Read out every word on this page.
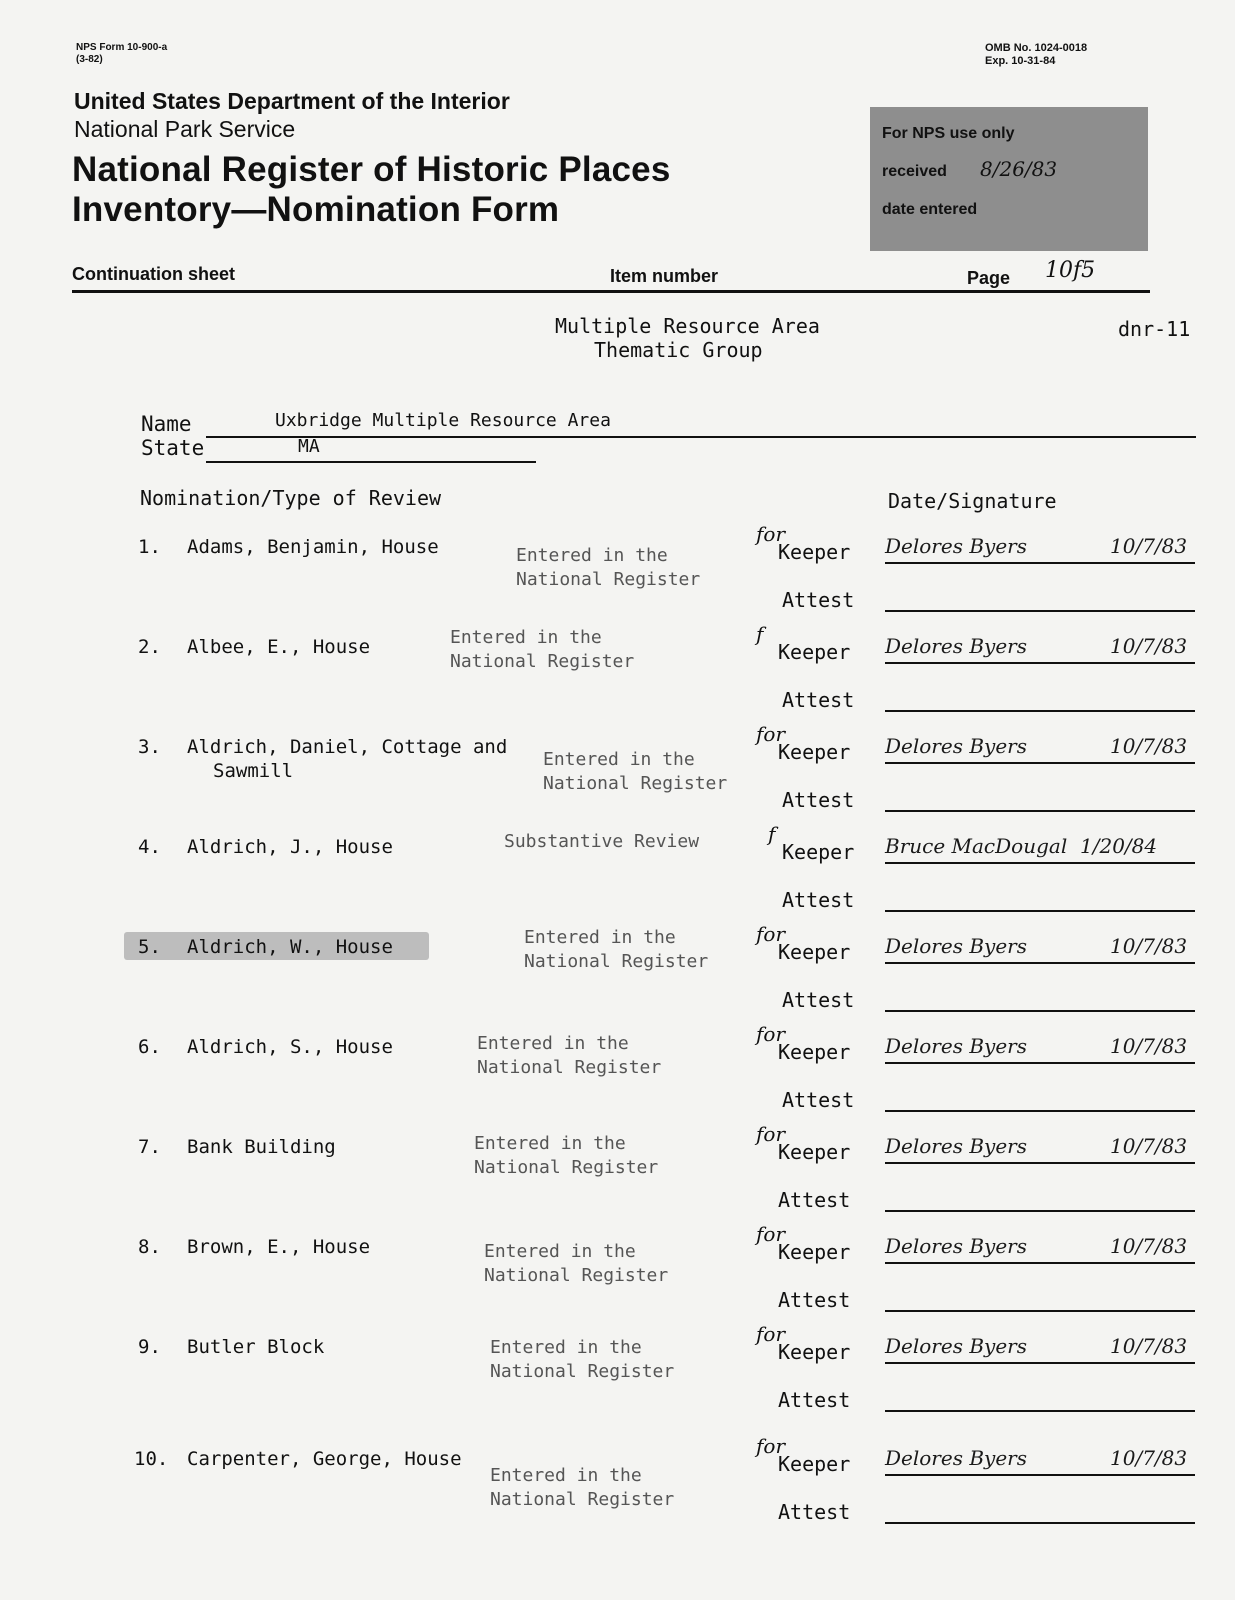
NPS Form 10-900-a
(3-82)
OMB No. 1024-0018
Exp. 10-31-84
United States Department of the Interior
National Park Service
National Register of Historic Places
Inventory—Nomination Form
For NPS use only
received 8/26/83
date entered
Continuation sheet	Item number	Page 10f5
Multiple Resource Area
Thematic Group
dnr-11
Name	Uxbridge Multiple Resource Area
State	MA
Nomination/Type of Review	Date/Signature
1. Adams, Benjamin, House	Entered in the
National Register
for
Keeper Delores Byers	10/7/83
Attest
2. Albee, E., House	Entered in the
National Register
f
Keeper Delores Byers	10/7/83
Attest
3. Aldrich, Daniel, Cottage and
Sawmill
Entered in the
National Register
for
Keeper Delores Byers	10/7/83
Attest
4. Aldrich, J., House	Substantive Review	f
Keeper Bruce MacDougal 1/20/84
Attest
5. Aldrich, W., House	Entered in the
National Register
for
Keeper Delores Byers	10/7/83
Attest
6. Aldrich, S., House	Entered in the
National Register
for
Keeper Delores Byers	10/7/83
Attest
7. Bank Building	Entered in the
National Register
for
Keeper Delores Byers	10/7/83
Attest
8. Brown, E., House	Entered in the
National Register
for
Keeper Delores Byers	10/7/83
Attest
9. Butler Block	Entered in the
National Register
for
Keeper Delores Byers	10/7/83
Attest
10. Carpenter, George, House
Entered in the
National Register
for
Keeper Delores Byers	10/7/83
Attest
